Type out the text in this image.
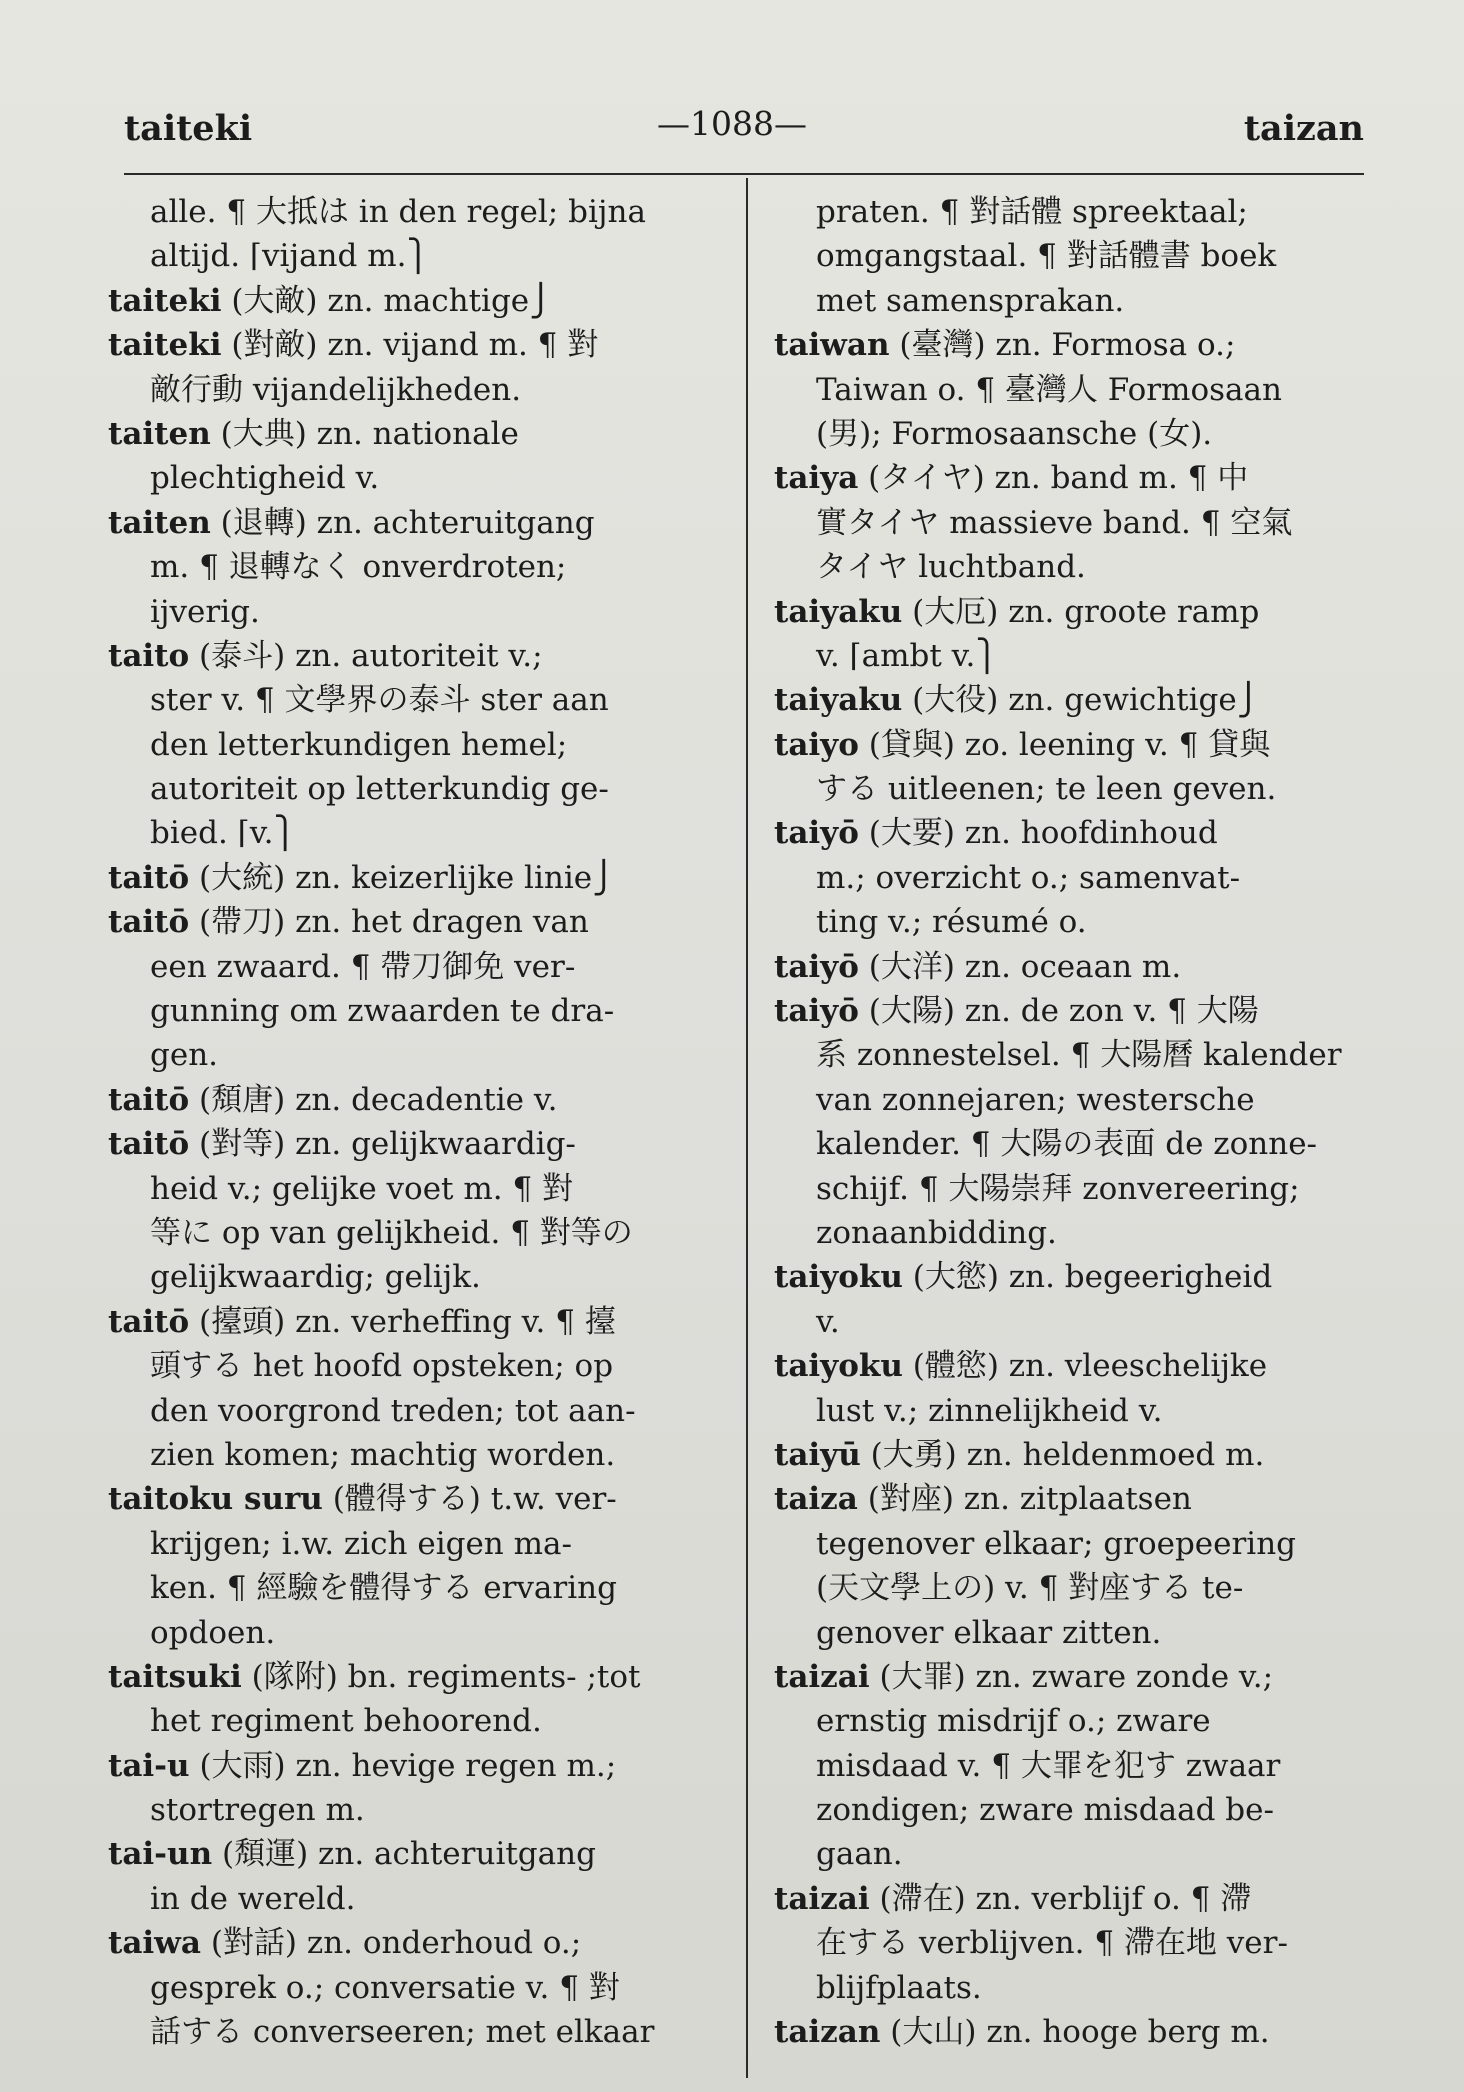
taiteki	—1088—	taizan
alle. ¶ 大抵は in den regel; bijna
altijd. ⌈vijand m.⎫
taiteki (大敵) zn. machtige⎭
taiteki (對敵) zn. vijand m. ¶ 對
敵行動 vijandelijkheden.
taiten (大典) zn. nationale
plechtigheid v.
taiten (退轉) zn. achteruitgang
m. ¶ 退轉なく onverdroten;
ijverig.
taito (泰斗) zn. autoriteit v.;
ster v. ¶ 文學界の泰斗 ster aan
den letterkundigen hemel;
autoriteit op letterkundig ge-
bied. ⌈v.⎫
taitō (大統) zn. keizerlijke linie⎭
taitō (帶刀) zn. het dragen van
een zwaard. ¶ 帶刀御免 ver-
gunning om zwaarden te dra-
gen.
taitō (頽唐) zn. decadentie v.
taitō (對等) zn. gelijkwaardig-
heid v.; gelijke voet m. ¶ 對
等に op van gelijkheid. ¶ 對等の
gelijkwaardig; gelijk.
taitō (擡頭) zn. verheffing v. ¶ 擡
頭する het hoofd opsteken; op
den voorgrond treden; tot aan-
zien komen; machtig worden.
taitoku suru (體得する) t.w. ver-
krijgen; i.w. zich eigen ma-
ken. ¶ 經驗を體得する ervaring
opdoen.
taitsuki (隊附) bn. regiments- ;tot
het regiment behoorend.
tai-u (大雨) zn. hevige regen m.;
stortregen m.
tai-un (頽運) zn. achteruitgang
in de wereld.
taiwa (對話) zn. onderhoud o.;
gesprek o.; conversatie v. ¶ 對
話する converseeren; met elkaar
praten. ¶ 對話體 spreektaal;
omgangstaal. ¶ 對話體書 boek
met samensprakan.
taiwan (臺灣) zn. Formosa o.;
Taiwan o. ¶ 臺灣人 Formosaan
(男); Formosaansche (女).
taiya (タイヤ) zn. band m. ¶ 中
實タイヤ massieve band. ¶ 空氣
タイヤ luchtband.
taiyaku (大厄) zn. groote ramp
v. ⌈ambt v.⎫
taiyaku (大役) zn. gewichtige⎭
taiyo (貸與) zo. leening v. ¶ 貸與
する uitleenen; te leen geven.
taiyō (大要) zn. hoofdinhoud
m.; overzicht o.; samenvat-
ting v.; résumé o.
taiyō (大洋) zn. oceaan m.
taiyō (大陽) zn. de zon v. ¶ 大陽
系 zonnestelsel. ¶ 大陽曆 kalender
van zonnejaren; westersche
kalender. ¶ 大陽の表面 de zonne-
schijf. ¶ 大陽崇拜 zonvereering;
zonaanbidding.
taiyoku (大慾) zn. begeerigheid
v.
taiyoku (體慾) zn. vleeschelijke
lust v.; zinnelijkheid v.
taiyū (大勇) zn. heldenmoed m.
taiza (對座) zn. zitplaatsen
tegenover elkaar; groepeering
(天文學上の) v. ¶ 對座する te-
genover elkaar zitten.
taizai (大罪) zn. zware zonde v.;
ernstig misdrijf o.; zware
misdaad v. ¶ 大罪を犯す zwaar
zondigen; zware misdaad be-
gaan.
taizai (滯在) zn. verblijf o. ¶ 滯
在する verblijven. ¶ 滯在地 ver-
blijfplaats.
taizan (大山) zn. hooge berg m.
